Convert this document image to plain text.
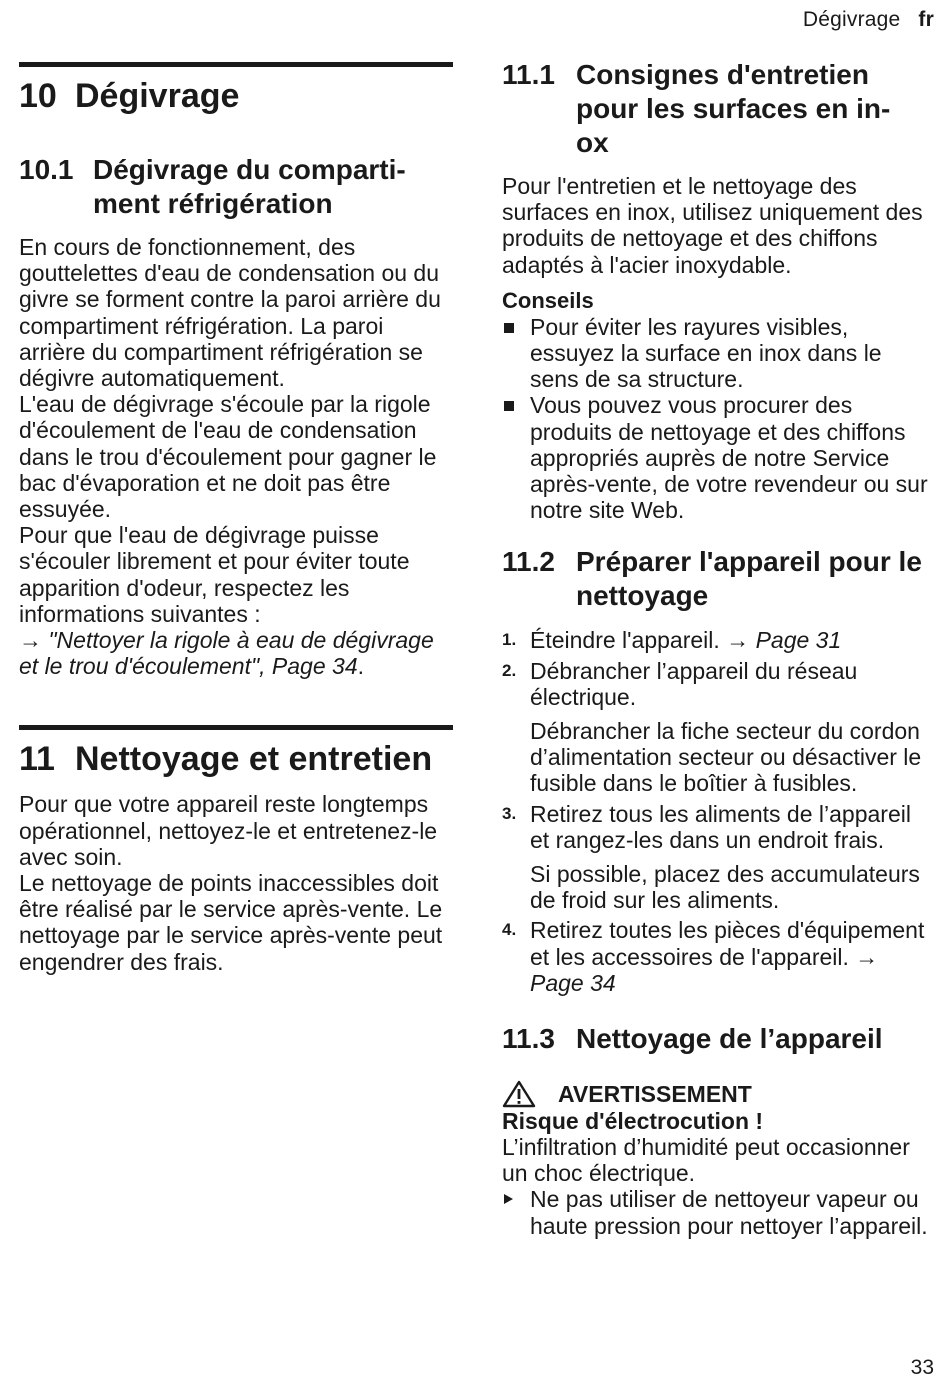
Dégivrage fr
10 Dégivrage
10.1 Dégivrage du comparti-ment réfrigération

En cours de fonctionnement, des gouttelettes d'eau de condensation ou du givre se forment contre la paroi arrière du compartiment réfrigération. La paroi arrière du compartiment réfrigération se dégivre automatiquement.

L'eau de dégivrage s'écoule par la rigole d'écoulement de l'eau de condensation dans le trou d'écoulement pour gagner le bac d'évaporation et ne doit pas être essuyée.

Pour que l'eau de dégivrage puisse s'écouler librement et pour éviter toute apparition d'odeur, respectez les informations suivantes :

→ "Nettoyer la rigole à eau de dégivrage et le trou d'écoulement", Page 34.

11 Nettoyage et entretien

Pour que votre appareil reste longtemps opérationnel, nettoyez-le et entretenez-le avec soin.

Le nettoyage de points inaccessibles doit être réalisé par le service après-vente. Le nettoyage par le service après-vente peut engendrer des frais.

11.1 Consignes d'entretien pour les surfaces en in-ox

Pour l'entretien et le nettoyage des surfaces en inox, utilisez uniquement des produits de nettoyage et des chiffons adaptés à l'acier inoxydable.

Conseils
Pour éviter les rayures visibles, essuyez la surface en inox dans le sens de sa structure.
Vous pouvez vous procurer des produits de nettoyage et des chiffons appropriés auprès de notre Service après-vente, de votre revendeur ou sur notre site Web.
11.2 Préparer l'appareil pour le nettoyage
1. Éteindre l'appareil. → Page 31
2. Débrancher l’appareil du réseau électrique.
Débrancher la fiche secteur du cordon d’alimentation secteur ou désactiver le fusible dans le boîtier à fusibles.
3. Retirez tous les aliments de l’appareil et rangez-les dans un endroit frais.
Si possible, placez des accumulateurs de froid sur les aliments.
4. Retirez toutes les pièces d'équipement et les accessoires de l'appareil. → Page 34
11.3 Nettoyage de l’appareil
AVERTISSEMENT
Risque d'électrocution !

L’infiltration d’humidité peut occasionner un choc électrique.

Ne pas utiliser de nettoyeur vapeur ou haute pression pour nettoyer l’appareil.
33
